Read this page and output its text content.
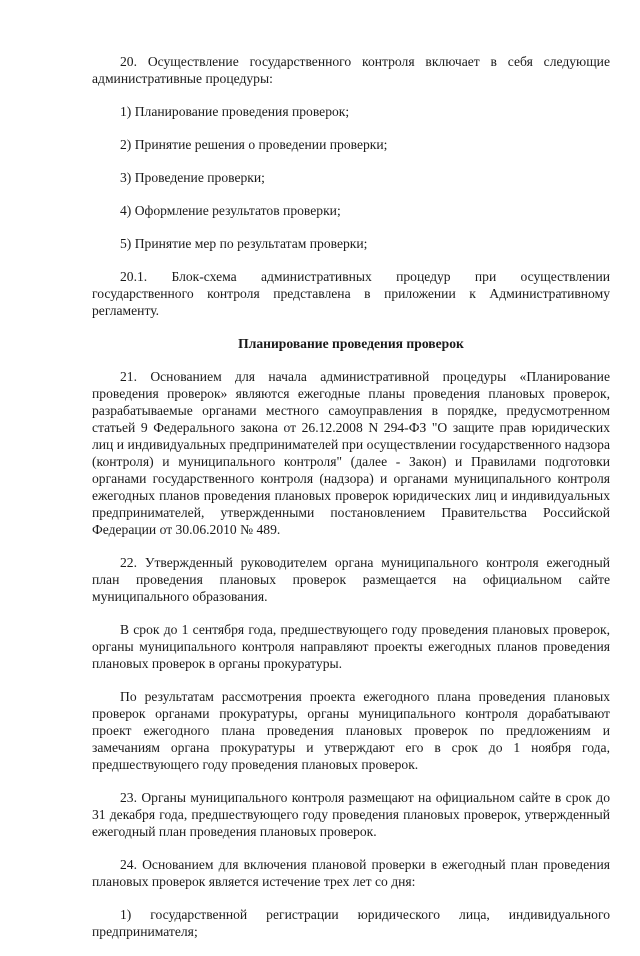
20. Осуществление государственного контроля включает в себя следующие административные процедуры:

1) Планирование проведения проверок;

2) Принятие решения о проведении проверки;

3) Проведение проверки;

4) Оформление результатов проверки;

5) Принятие мер по результатам проверки;

20.1. Блок-схема административных процедур при осуществлении государственного контроля представлена в приложении к Административному регламенту.

Планирование проведения проверок

21. Основанием для начала административной процедуры «Планирование проведения проверок» являются ежегодные планы проведения плановых проверок, разрабатываемые органами местного самоуправления в порядке, предусмотренном статьей 9 Федерального закона от 26.12.2008 N 294-ФЗ "О защите прав юридических лиц и индивидуальных предпринимателей при осуществлении государственного надзора (контроля) и муниципального контроля" (далее - Закон) и Правилами подготовки органами государственного контроля (надзора) и органами муниципального контроля ежегодных планов проведения плановых проверок юридических лиц и индивидуальных предпринимателей, утвержденными постановлением Правительства Российской Федерации от 30.06.2010 № 489.

22. Утвержденный руководителем органа муниципального контроля ежегодный план проведения плановых проверок размещается на официальном сайте муниципального образования.

В срок до 1 сентября года, предшествующего году проведения плановых проверок, органы муниципального контроля направляют проекты ежегодных планов проведения плановых проверок в органы прокуратуры.

По результатам рассмотрения проекта ежегодного плана проведения плановых проверок органами прокуратуры, органы муниципального контроля дорабатывают проект ежегодного плана проведения плановых проверок по предложениям и замечаниям органа прокуратуры и утверждают его в срок до 1 ноября года, предшествующего году проведения плановых проверок.

23. Органы муниципального контроля размещают на официальном сайте в срок до 31 декабря года, предшествующего году проведения плановых проверок, утвержденный ежегодный план проведения плановых проверок.

24. Основанием для включения плановой проверки в ежегодный план проведения плановых проверок является истечение трех лет со дня:

1) государственной регистрации юридического лица, индивидуального предпринимателя;
